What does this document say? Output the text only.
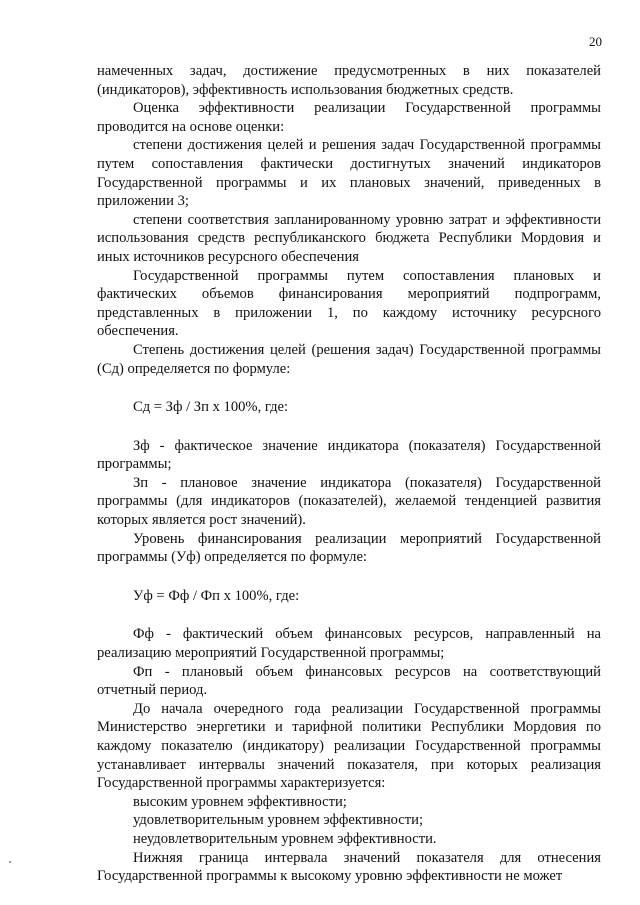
20

намеченных задач, достижение предусмотренных в них показателей (индикаторов), эффективность использования бюджетных средств.

Оценка эффективности реализации Государственной программы проводится на основе оценки:

степени достижения целей и решения задач Государственной программы путем сопоставления фактически достигнутых значений индикаторов Государственной программы и их плановых значений, приведенных в приложении 3;

степени соответствия запланированному уровню затрат и эффективности использования средств республиканского бюджета Республики Мордовия и иных источников ресурсного обеспечения

Государственной программы путем сопоставления плановых и фактических объемов финансирования мероприятий подпрограмм, представленных в приложении 1, по каждому источнику ресурсного обеспечения.

Степень достижения целей (решения задач) Государственной программы (Сд) определяется по формуле:

Сд = Зф / Зп х 100%, где:

Зф - фактическое значение индикатора (показателя) Государственной программы;

Зп - плановое значение индикатора (показателя) Государственной программы (для индикаторов (показателей), желаемой тенденцией развития которых является рост значений).

Уровень финансирования реализации мероприятий Государственной программы (Уф) определяется по формуле:

Уф = Фф / Фп х 100%, где:

Фф - фактический объем финансовых ресурсов, направленный на реализацию мероприятий Государственной программы;

Фп - плановый объем финансовых ресурсов на соответствующий отчетный период.

До начала очередного года реализации Государственной программы Министерство энергетики и тарифной политики Республики Мордовия по каждому показателю (индикатору) реализации Государственной программы устанавливает интервалы значений показателя, при которых реализация Государственной программы характеризуется:

высоким уровнем эффективности;

удовлетворительным уровнем эффективности;

неудовлетворительным уровнем эффективности.

Нижняя граница интервала значений показателя для отнесения Государственной программы к высокому уровню эффективности не может
